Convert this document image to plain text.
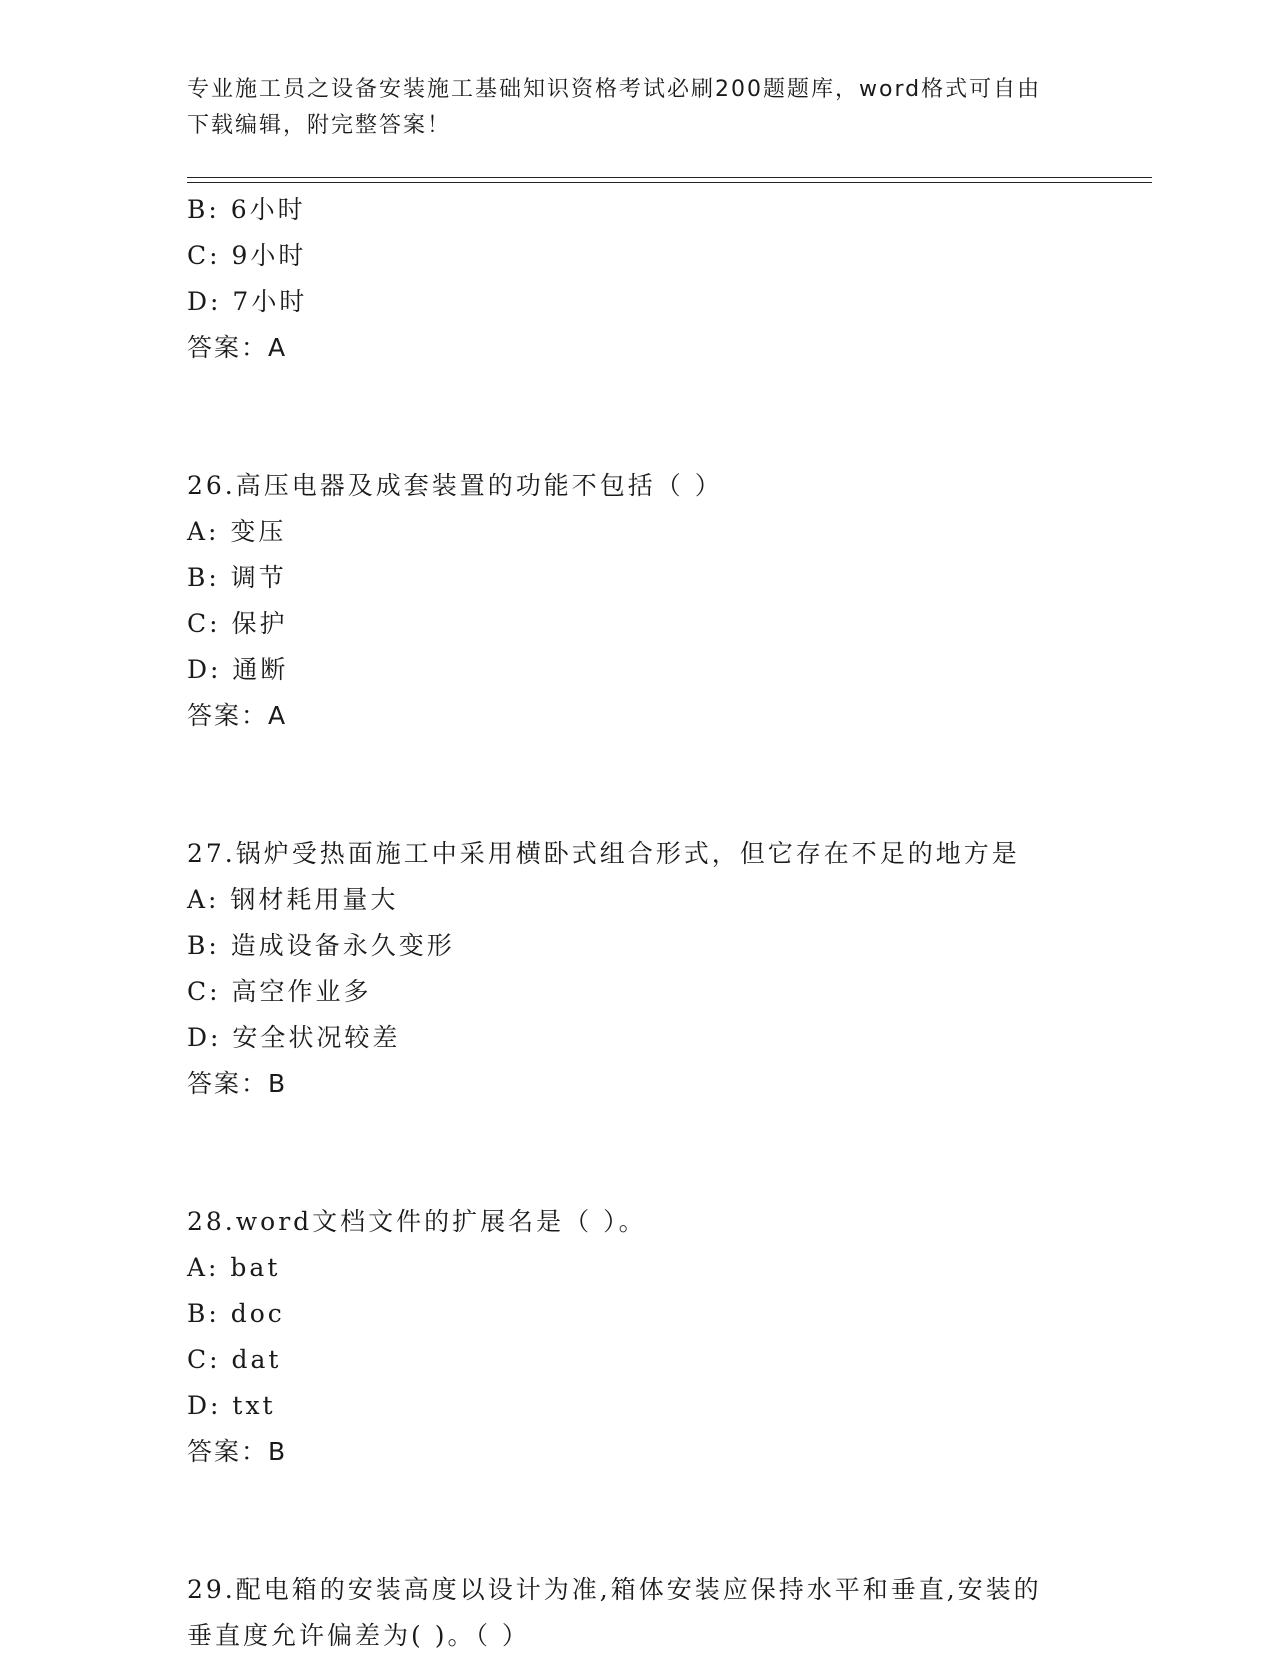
专业施工员之设备安装施工基础知识资格考试必刷200题题库，word格式可自由
下载编辑，附完整答案！
B: 6小时
C: 9小时
D: 7小时
答案：A
26.高压电器及成套装置的功能不包括（ ）
A: 变压
B: 调节
C: 保护
D: 通断
答案：A
27.锅炉受热面施工中采用横卧式组合形式，但它存在不足的地方是
A: 钢材耗用量大
B: 造成设备永久变形
C: 高空作业多
D: 安全状况较差
答案：B
28.word文档文件的扩展名是（ ）。
A: bat
B: doc
C: dat
D: txt
答案：B
29.配电箱的安装高度以设计为准,箱体安装应保持水平和垂直,安装的
垂直度允许偏差为( )。（ ）
